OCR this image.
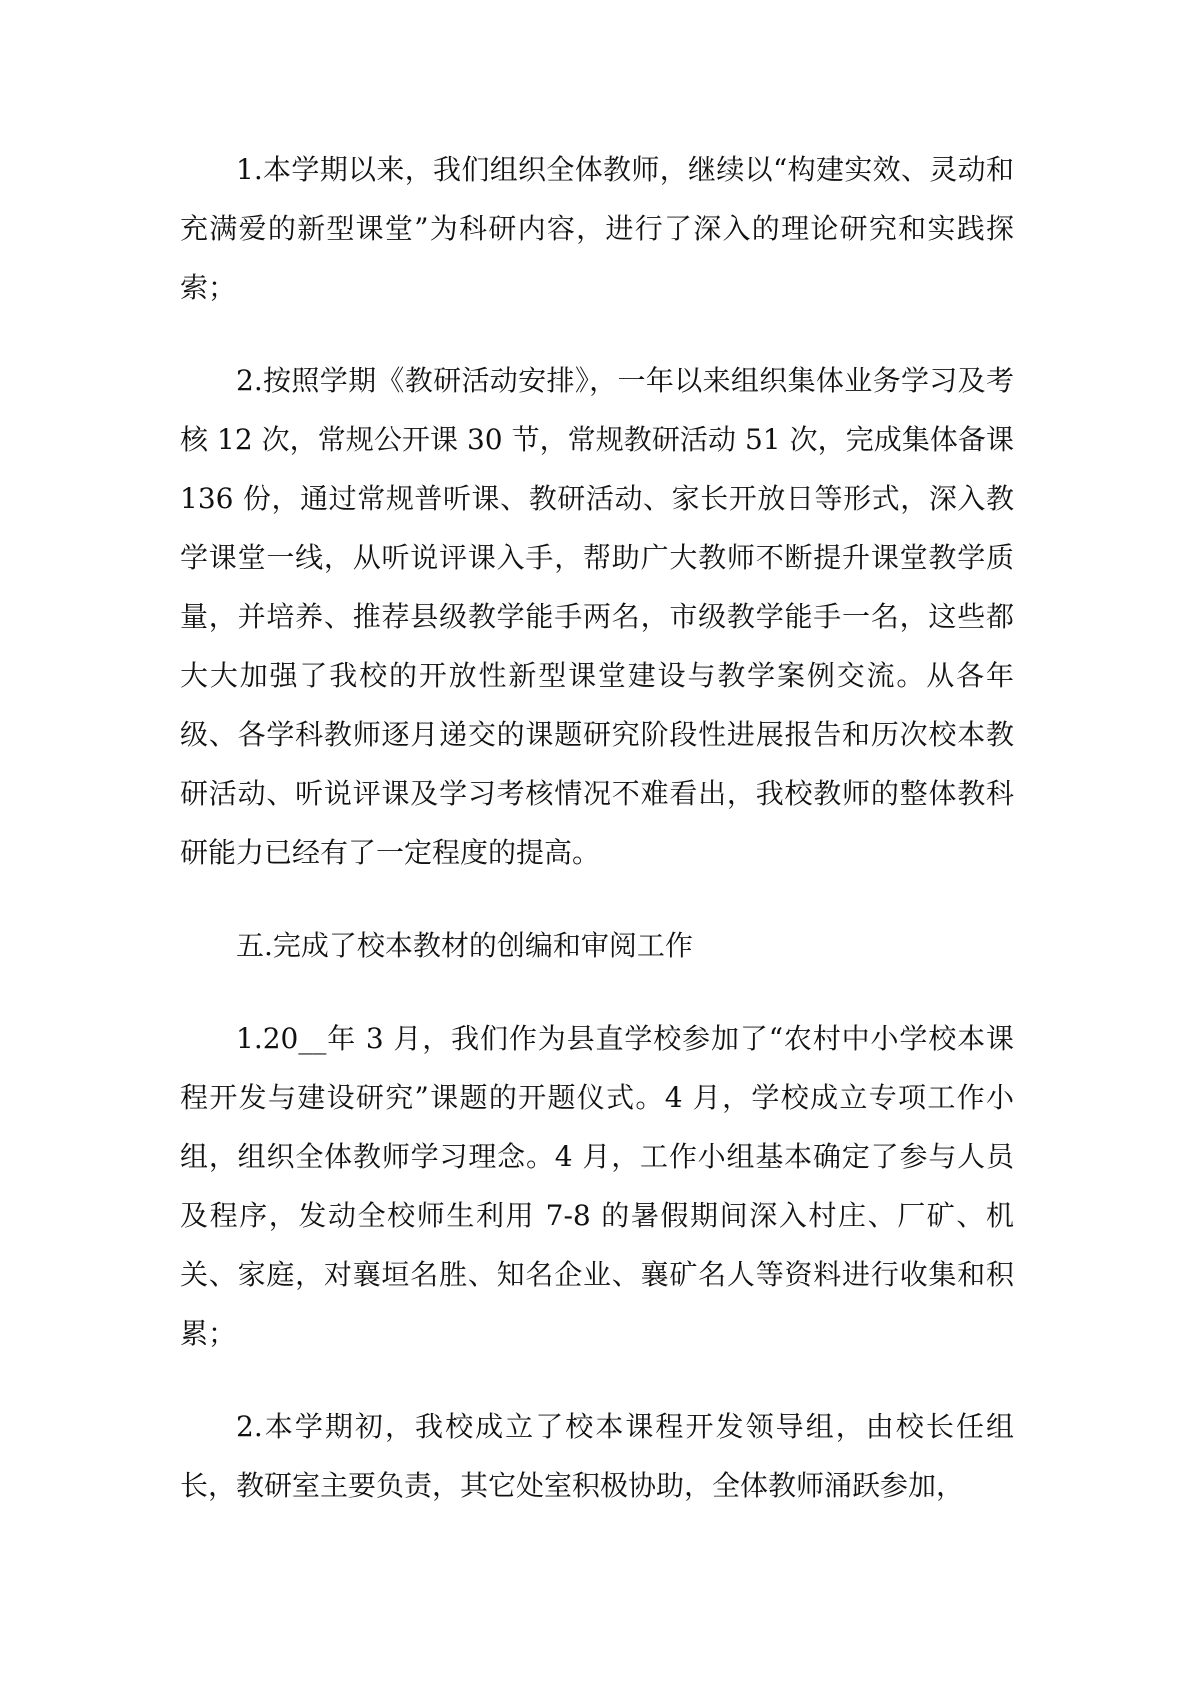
1.本学期以来，我们组织全体教师，继续以“构建实效、灵动和充满爱的新型课堂”为科研内容，进行了深入的理论研究和实践探索；

2.按照学期《教研活动安排》，一年以来组织集体业务学习及考核 12 次，常规公开课 30 节，常规教研活动 51 次，完成集体备课 136 份，通过常规普听课、教研活动、家长开放日等形式，深入教学课堂一线，从听说评课入手，帮助广大教师不断提升课堂教学质量，并培养、推荐县级教学能手两名，市级教学能手一名，这些都大大加强了我校的开放性新型课堂建设与教学案例交流。从各年级、各学科教师逐月递交的课题研究阶段性进展报告和历次校本教研活动、听说评课及学习考核情况不难看出，我校教师的整体教科研能力已经有了一定程度的提高。

五.完成了校本教材的创编和审阅工作

1.20__年 3 月，我们作为县直学校参加了“农村中小学校本课程开发与建设研究”课题的开题仪式。4 月，学校成立专项工作小组，组织全体教师学习理念。4 月，工作小组基本确定了参与人员及程序，发动全校师生利用 7-8 的暑假期间深入村庄、厂矿、机关、家庭，对襄垣名胜、知名企业、襄矿名人等资料进行收集和积累；

2.本学期初，我校成立了校本课程开发领导组，由校长任组长，教研室主要负责，其它处室积极协助，全体教师涌跃参加，
